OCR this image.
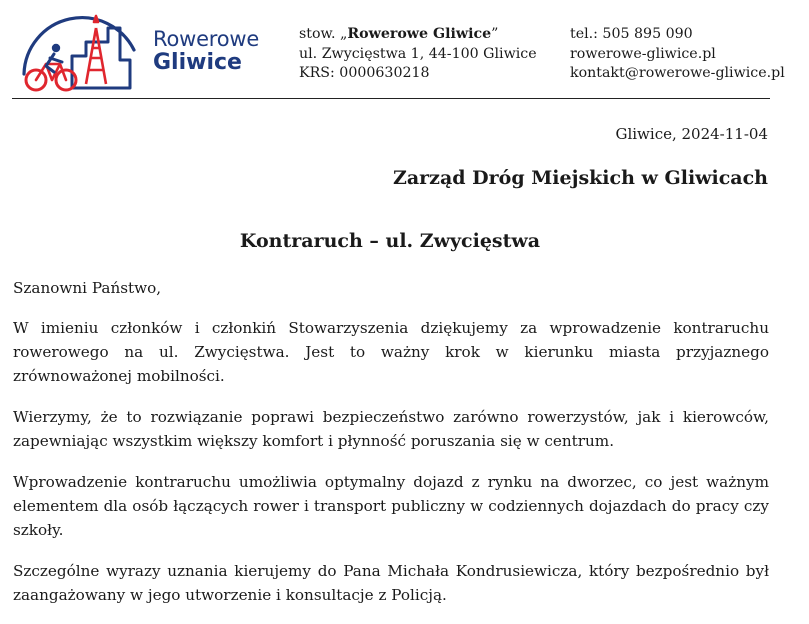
Rowerowe
Gliwice
stow. „Rowerowe Gliwice”
ul. Zwycięstwa 1, 44-100 Gliwice
KRS: 0000630218
tel.: 505 895 090
rowerowe-gliwice.pl
kontakt@rowerowe-gliwice.pl
Gliwice, 2024-11-04
Zarząd Dróg Miejskich w Gliwicach
Kontraruch – ul. Zwycięstwa

Szanowni Państwo,

W imieniu członków i członkiń Stowarzyszenia dziękujemy za wprowadzenie kontraruchu rowerowego na ul. Zwycięstwa. Jest to ważny krok w kierunku miasta przyjaznego zrównoważonej mobilności.

Wierzymy, że to rozwiązanie poprawi bezpieczeństwo zarówno rowerzystów, jak i kierowców, zapewniając wszystkim większy komfort i płynność poruszania się w centrum.

Wprowadzenie kontraruchu umożliwia optymalny dojazd z rynku na dworzec, co jest ważnym elementem dla osób łączących rower i transport publiczny w codziennych dojazdach do pracy czy szkoły.

Szczególne wyrazy uznania kierujemy do Pana Michała Kondrusiewicza, który bezpośrednio był zaangażowany w jego utworzenie i konsultacje z Policją.
